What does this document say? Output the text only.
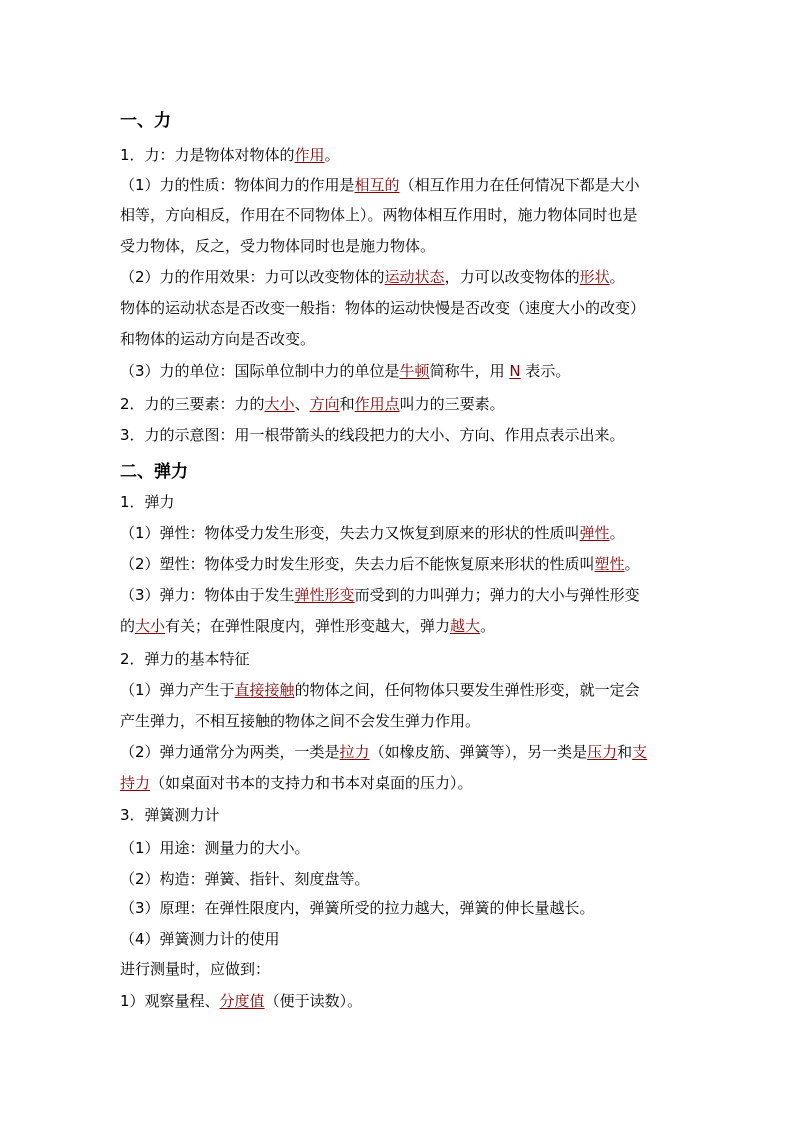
一、力
1．力：力是物体对物体的作用。
（1）力的性质：物体间力的作用是相互的（相互作用力在任何情况下都是大小
相等，方向相反，作用在不同物体上）。两物体相互作用时，施力物体同时也是
受力物体，反之，受力物体同时也是施力物体。
（2）力的作用效果：力可以改变物体的运动状态，力可以改变物体的形状。
物体的运动状态是否改变一般指：物体的运动快慢是否改变（速度大小的改变）
和物体的运动方向是否改变。
（3）力的单位：国际单位制中力的单位是牛顿简称牛，用 N 表示。
2．力的三要素：力的大小、方向和作用点叫力的三要素。
3．力的示意图：用一根带箭头的线段把力的大小、方向、作用点表示出来。
二、弹力
1．弹力
（1）弹性：物体受力发生形变，失去力又恢复到原来的形状的性质叫弹性。
（2）塑性：物体受力时发生形变，失去力后不能恢复原来形状的性质叫塑性。
（3）弹力：物体由于发生弹性形变而受到的力叫弹力；弹力的大小与弹性形变
的大小有关；在弹性限度内，弹性形变越大，弹力越大。
2．弹力的基本特征
（1）弹力产生于直接接触的物体之间，任何物体只要发生弹性形变，就一定会
产生弹力，不相互接触的物体之间不会发生弹力作用。
（2）弹力通常分为两类，一类是拉力（如橡皮筋、弹簧等），另一类是压力和支
持力（如桌面对书本的支持力和书本对桌面的压力）。
3．弹簧测力计
（1）用途：测量力的大小。
（2）构造：弹簧、指针、刻度盘等。
（3）原理：在弹性限度内，弹簧所受的拉力越大，弹簧的伸长量越长。
（4）弹簧测力计的使用
进行测量时，应做到：
1）观察量程、分度值（便于读数）。
